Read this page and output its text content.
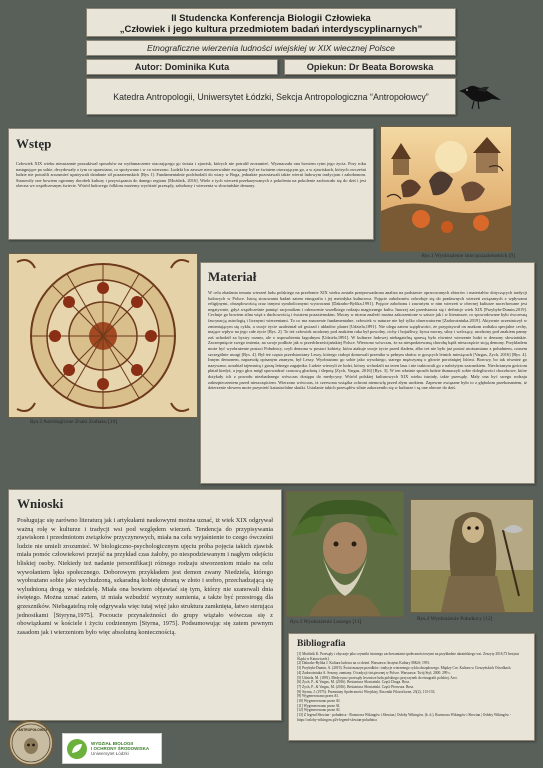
II Studencka Konferencja Biologii Człowieka
„Człowiek i jego kultura przedmiotem badań interdyscyplinarnych”
Etnograficzne wierzenia ludności wiejskiej w XIX wiecznej Polsce
Autor: Dominika Kuta	Opiekun: Dr Beata Borowska
Katedra Antropologii, Uniwersytet Łódzki, Sekcja Antropologiczna “Antropołowcy”
Wstęp
Człowiek XIX wieku nieustannie poszukiwał sposobów na wytłumaczenie otaczającego go świata i zjawisk, których nie potrafił zrozumieć. Wyznaczała ona bowiem rytm jego życia. Pory roku następujące po sobie, decydowały o tym co uprawiano, co spożywano i w co wierzono. Ludzki los zawsze nierozerwalnie związany był ze światem otaczającym go, a w zjawiskach, których owcześni ludzie nie potrafili zrozumieć upatrywali działanie sił pozaziemskich [Rys 1]. Fundamentalnie podchodzili do wiary w Boga, jednakże pozostawali także wierni ludowym tradycjom i zabobonom. Stanowiły one bowiem ogromny dorobek kultury i przywiązania do danego regionu [Moździk, 2016]. Wiele z tych wierzeń przekazywanych z pokolenia na pokolenie zachowało się do dziś i jest obecna we współczesnym świecie. Wśród ludowego folkloru możemy wyróżnić przesądy, zabobony i wierzenia w słowiańskie demony.
Rys.1 Wyobrażenie istot pozaziemskich [9]
Rys.2 Astrologiczne Znaki Zodiaku [10]
Materiał
W celu zbadania tematu wierzeń ludu polskiego na przełomie XIX wieku została przeprowadzona analiza na podstawie opracowanych zbiorów i materiałów dotyczących tradycji ludowych w Polsce. Istotą stosowania badań zatem etnografia i jej metodyka kulturowa. Pojęcie zabobonów odwołuje się do pradawnych wierzeń związanych z wpływami religijnymi, obrzędowością oraz innymi symbolicznymi wytworami [Dakrabo-Bylika,1991]. Pojęcie zabobonu i zawartym w nim wierzeń w obecnej kulturze nacechowane jest negatywnie, gdyż współcześnie pamięć racjonalizm i odrzucenie wszelkiego rodzaju magicznego kultu. Inaczej zaś przedstawia się i definicje wiek XIX [Przybyła-Dumin,2019]. Cechuje go bowiem silna więź z duchowością i światem pozaziemskim. Mocny w nicmn znaleźć można zakorzenione w sztuce jak i w literaturze, co spowodowane było ówczesną fascynacją astrologią i licznymi wierzeniami. To co ma znaczenie fundamentalne, człowiek w naturze nie był tylko obserwatorem [Zadorożniuka,2019]. Aktywnie uczestniczył w zmieniającym się cyklu, a swoje życie uzależniał od gwiazd i układów planet [Udziela,1891]. Nie ulega zatem wątpliwości, że przypisywał on znakom zodiaku specjalne cechy, mające wpływ na jego całe życie [Rys. 2]. To też człowiek urodzony pod znakiem raka był powolny, cichy i bojaźliwy, bywa mocny, silny i walczący, urodzony pod znakiem panny zaś uchodził za bystry rozum, ale o usposobieniu łagodnym [Udziela,1891]. W kulturze ludowej niebagatelną sprawą było również wierzenie ludzi w demony słowiańskie. Zaczerpnięcie swego imienia, na swoje podłoże jak w przedchrześcijańskiej Polsce. Wierzono wówczas, że za niespodziewaną chorobę bądź nieszczęście stoją demony. Przykładem może być wyobrażenie postaci Południcy, czyli demona w postaci kobiety, która atakuje swoje życie przed śladem, albo też nie było już postać utożsamiano z południem, czasem szczególnie uwagi [Rys. 4]. Był też często przedstawiany Leszy, którego ciałopi domowali przenika w pełnym słońcu w gorących letnich miesiącach [Vargas, Zych, 2016] [Rys. 4]. Innym demonem, naprawdę opisanym znanym, był Leszy. Wyobrażano go sobie jako wysokiego, starego mężczyznę o głowie porośniętej liśćmi. Borowy, bo tak również go nazywano, uosabiał tajemnicę i grozę leśnego zagajnika. Ludzie wierzyli że ludzi, którzy wchodzili na teren lasu i nie traktowali go z należytym szacunkiem. Niechcianym gościom płatał kiedyś, a jego głos mógł sprowadzać czasową głuchotę i ślepotę [Zych, Vargas, 2016] [Rys. 3]. W ten właśnie sposób ludzie tłumaczyli sobie dolegliwości chorobowe, które dotykały ich z powodu niezbadanego wówczas dostępu do medycyny. Wśród polskiej kulturowych XIX wieku istniały, takie przesądy. Mały ona być swego rodzaju zabezpieczeniem przed nieszczęściem. Wierzono wówczas, iż czerwona wstążka ochroni niemowlę przed złym urokiem. Zapewne związane było to z głębokim przekonaniem, iż dzierzenie słowem może przynieść katastrofalne skutki. Ustalanie takich przesądów silnie zakorzeniło się w kulturze i są one obecne do dziś.
Wnioski
Posługując się zarówno literaturą jak i artykułami naukowymi można uznać, iż wiek XIX odgrywał ważną rolę w kulturze i tradycji wsi pod względem wierzeń. Tendencja do przypisywania zjawiskom i przedmiotom związków przyczynowych, miała na celu wyjaśnienie to czego ówcześni ludzie nie umieli zrozumieć. W biologiczno-psychologicznym ujęciu próba pojęcia takich zjawisk miała pomóc człowiekowi przejść na przykład czas żałoby, po niespodziewanym i nagłym odejściu bliskiej osoby. Niekiedy też nadanie personifikacji różnego rodzaju stworzeniom miało na celu wywołaniem lęku społecznego. Doborowym przykładem jest demon zwany Niedziela, którego wyobrażano sobie jako wychudzoną, szkaradną kobietę ubraną w złoto i srebro, przechadzającą się wyludnioną drogą w niedzielę. Miała ona bowiem objawiać się tym, którzy nie szanowali dnia świętego. Można uznać zatem, iż miała wzbudzić wyrzuty sumienia, a także być przestrogą dla grzeszników. Niebagatelną rolę odgrywała więc tutaj więź jako struktura zamknięta, łatwo sterująca jednostkami [Styryna,1975]. Pocoucie przynależności do grupy wiążało wówczas się z obowiązkami w kościele i życiu codziennym [Styrna, 1975]. Podsumowując się zatem pewnym zasadom jak i wierzeniom było więc absolutną koniecznością.
Rys.3 Wyobrażenie Leszego [11]	Rys.4 Wyobrażenie Południcy [12]
Bibliografia

[1] Moździk K. Przesądy i obyczaje jako czynniki istotnego zachowaniami społecznościowymi na przykładzie ukraińskiego wsi. Zeszyty 2016;73 Instytut Śląski w Katowicach].

[2] Dakrabo-Bylika J. Kultura ludowa na co dzień. Warszawa: Instytut Kultury MKiS; 1991.

[3] Przybyła-Dumin, A. (2019). Świat maszyn przodków: tradycje wierzenego cyklu obrzędowego. Między Cor. Kultura w Cieszyńskich Ośrodkach.

[4] Zadorożniuka A. Sezony, zamiany. O tradycji świątecznej w Polsce. Warszawa: Twój Styl; 2000. 299 s.

[5] Udziela, M. (1891). Medycyna i przesądy lecznicze ludu polskiego: przyczynek do etnografii polskiej. Arct.

[6] Zych, P., & Vargas, M. (2016). Bestiariusz Słowiański. Część Druga. Bosz.

[7] Zych, P., & Vargas, M. (2016). Bestiariusz Słowiański. Część Pierwsza. Bosz.

[8] Styrna, J. (1975). Przemiany Społeczności Wiejskiej, Roczniki Filozoficzne, 23(2), 113-133.

[9] Wygenerowano przez AI.

[10] Wygenerowano przez AI.

[11] Wygenerowano przez AI.

[12] Wygenerowano przez AI.

[13] Z legend Słowian - południca - Rozmowa Wikingów i Słowian | Osłoby Wikingów. (b. d.). Rozmowa Wikingów i Słowian | Osłoby Wikingów - https://osloby-wikingow.pl/z-legend-slowian-poludnica

ANTROPOŁOWCY
WYDZIAŁ BIOLOGII
I OCHRONY ŚRODOWISKA
Uniwersytet Łódzki
